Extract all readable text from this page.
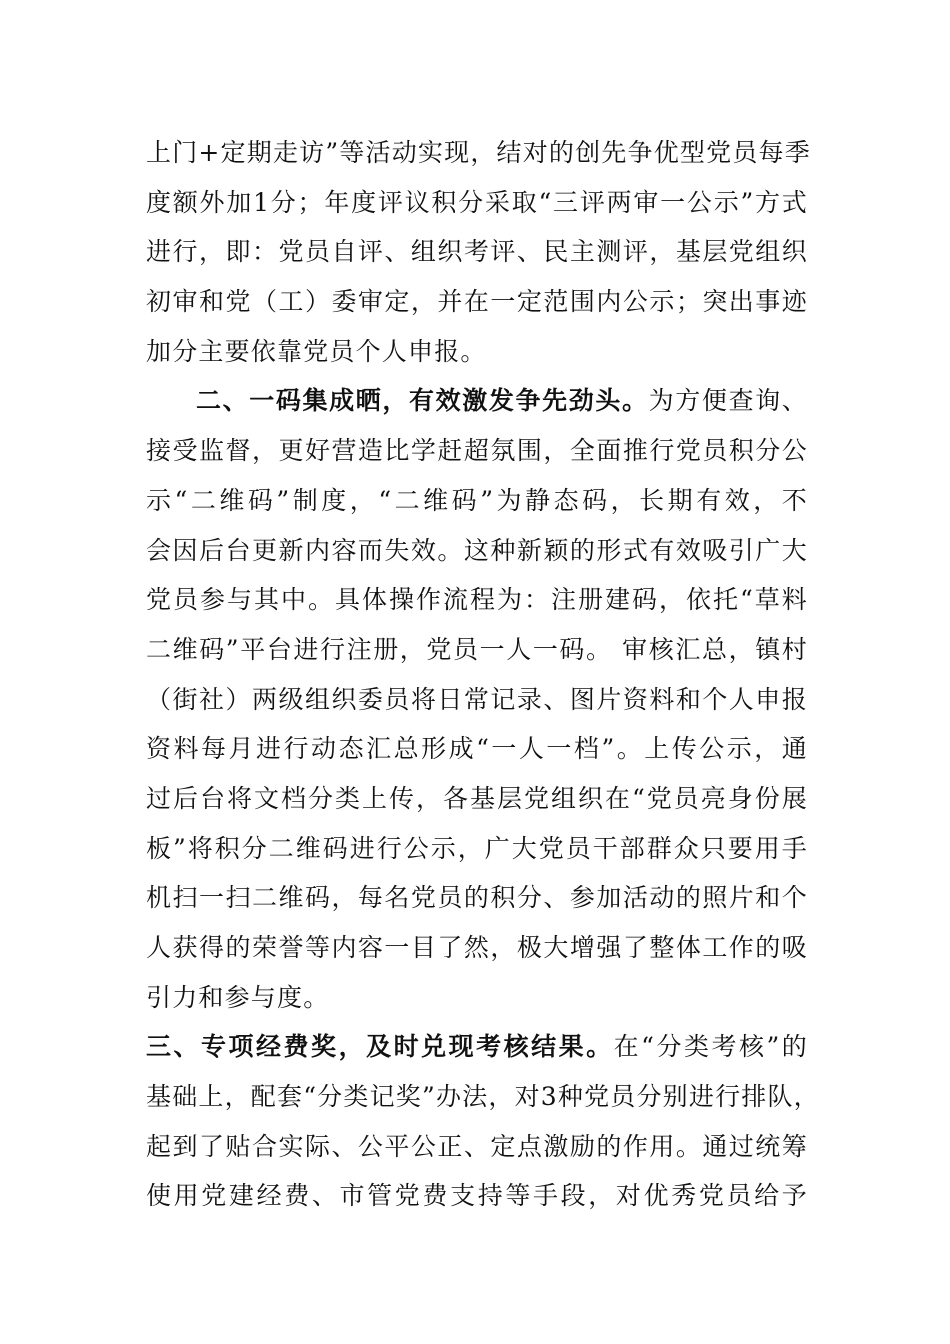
上门+定期走访”等活动实现，结对的创先争优型党员每季
度额外加1分；年度评议积分采取“三评两审一公示”方式
进行，即：党员自评、组织考评、民主测评，基层党组织
初审和党（工）委审定，并在一定范围内公示；突出事迹
加分主要依靠党员个人申报。
二、一码集成晒，有效激发争先劲头。为方便查询、
接受监督，更好营造比学赶超氛围，全面推行党员积分公
示“二维码”制度，“二维码”为静态码，长期有效，不
会因后台更新内容而失效。这种新颖的形式有效吸引广大
党员参与其中。具体操作流程为：注册建码，依托“草料
二维码”平台进行注册，党员一人一码。 审核汇总，镇村
（街社）两级组织委员将日常记录、图片资料和个人申报
资料每月进行动态汇总形成“一人一档”。上传公示，通
过后台将文档分类上传，各基层党组织在“党员亮身份展
板”将积分二维码进行公示，广大党员干部群众只要用手
机扫一扫二维码，每名党员的积分、参加活动的照片和个
人获得的荣誉等内容一目了然，极大增强了整体工作的吸
引力和参与度。
三、专项经费奖，及时兑现考核结果。在“分类考核”的
基础上，配套“分类记奖”办法，对3种党员分别进行排队，
起到了贴合实际、公平公正、定点激励的作用。通过统筹
使用党建经费、市管党费支持等手段，对优秀党员给予
